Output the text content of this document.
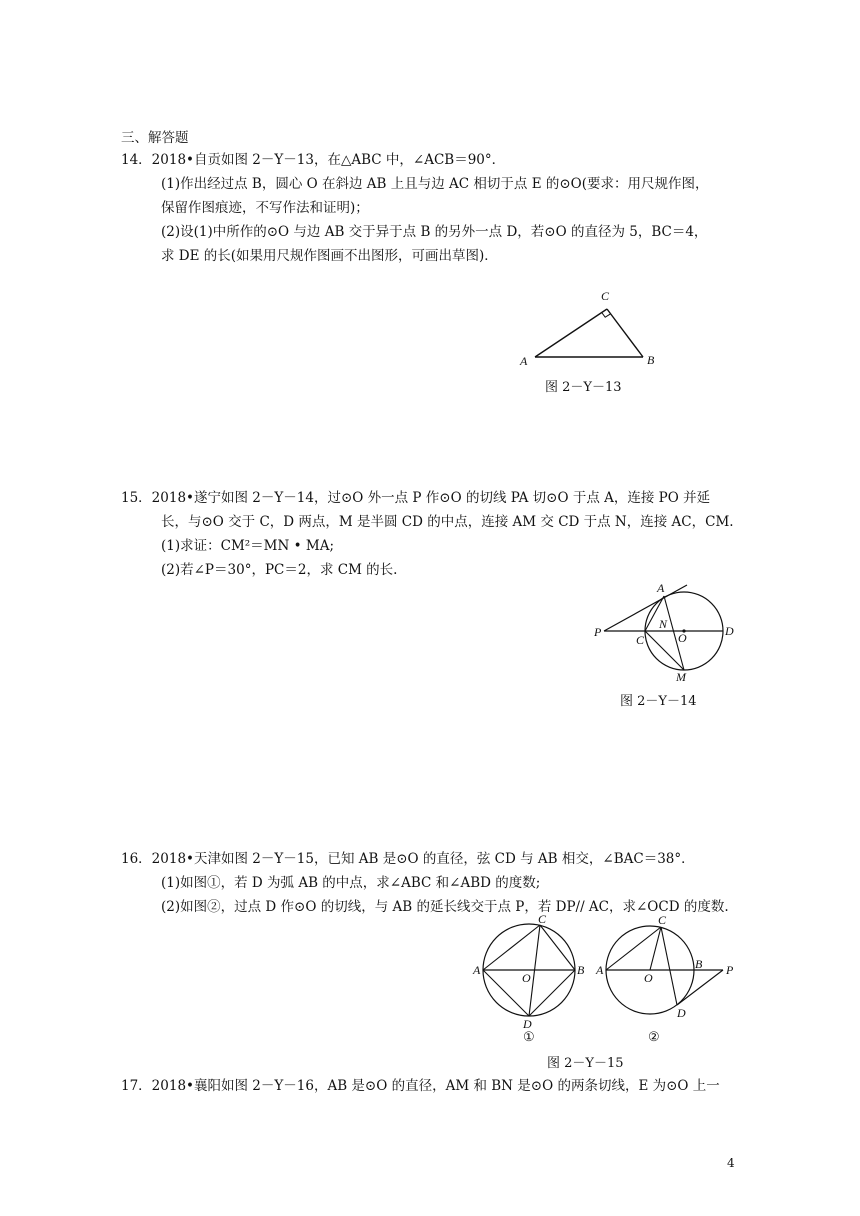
三、解答题
14．2018•自贡如图 2－Y－13，在△ABC 中，∠ACB＝90°．
(1)作出经过点 B，圆心 O 在斜边 AB 上且与边 AC 相切于点 E 的⊙O(要求：用尺规作图，
保留作图痕迹，不写作法和证明)；
(2)设(1)中所作的⊙O 与边 AB 交于异于点 B 的另外一点 D，若⊙O 的直径为 5，BC＝4，
求 DE 的长(如果用尺规作图画不出图形，可画出草图)．
A
C
B
图 2－Y－13
15．2018•遂宁如图 2－Y－14，过⊙O 外一点 P 作⊙O 的切线 PA 切⊙O 于点 A，连接 PO 并延
长，与⊙O 交于 C，D 两点，M 是半圆 CD 的中点，连接 AM 交 CD 于点 N，连接 AC，CM.
(1)求证：CM²＝MN • MA;
(2)若∠P＝30°，PC＝2，求 CM 的长.
P
A
C
N
O	D
M
图 2－Y－14
16．2018•天津如图 2－Y－15，已知 AB 是⊙O 的直径，弦 CD 与 AB 相交，∠BAC＝38°．
(1)如图①，若 D 为弧 AB 的中点，求∠ABC 和∠ABD 的度数;
(2)如图②，过点 D 作⊙O 的切线，与 AB 的延长线交于点 P，若 DP// AC，求∠OCD 的度数.
A	B
C
O
D
A	B
C
O
D
P
①	②
图 2－Y－15
17．2018•襄阳如图 2－Y－16，AB 是⊙O 的直径，AM 和 BN 是⊙O 的两条切线，E 为⊙O 上一
4
